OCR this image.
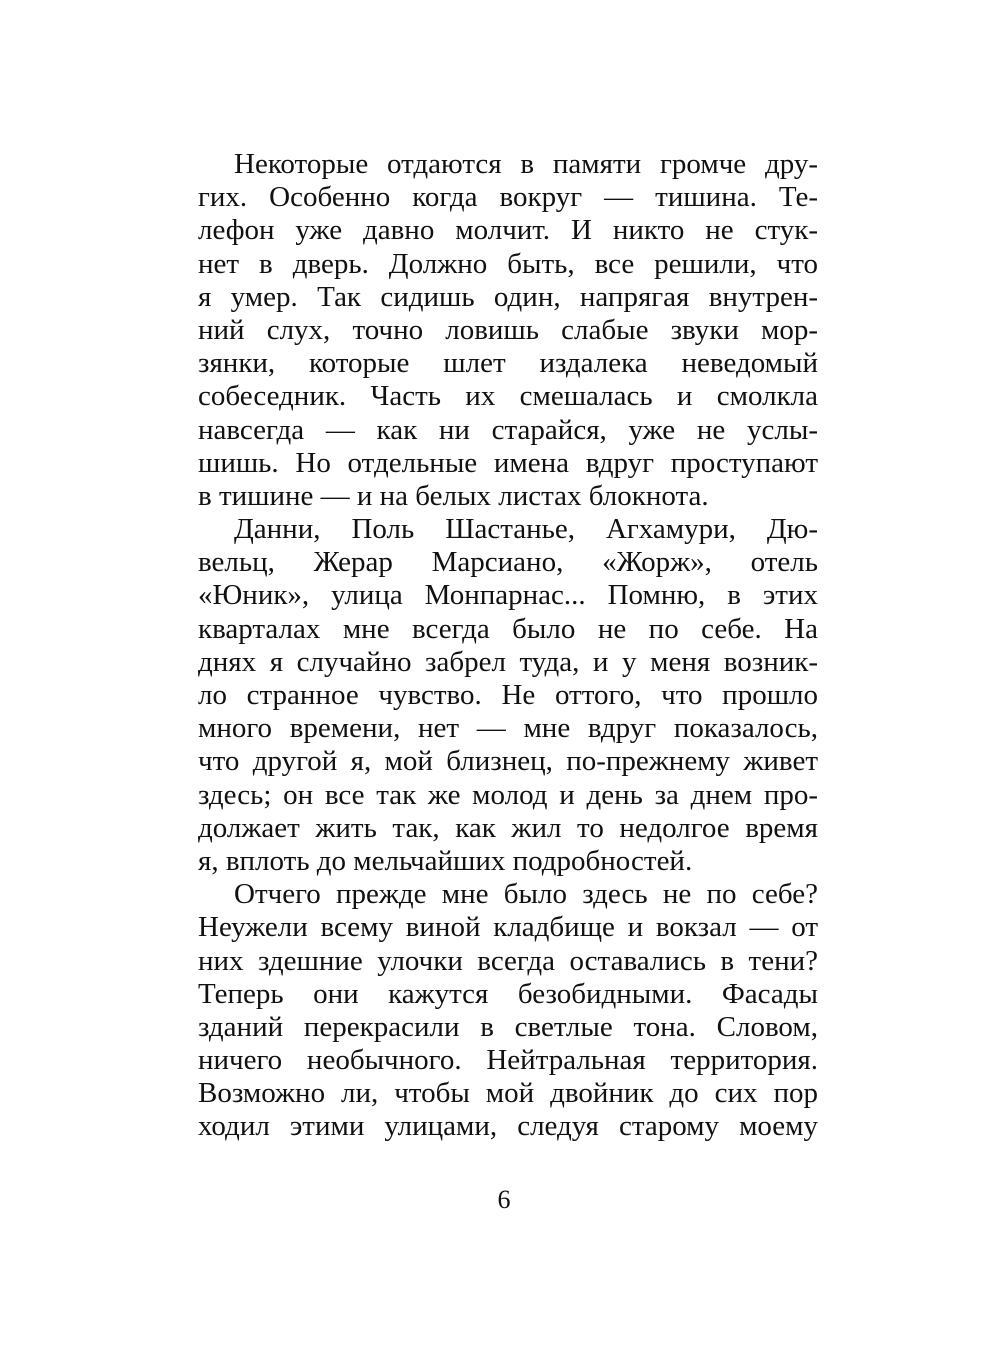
Некоторые отдаются в памяти громче дру-
гих. Особенно когда вокруг — тишина. Те-
лефон уже давно молчит. И никто не стук-
нет в дверь. Должно быть, все решили, что
я умер. Так сидишь один, напрягая внутрен-
ний слух, точно ловишь слабые звуки мор-
зянки, которые шлет издалека неведомый
собеседник. Часть их смешалась и смолкла
навсегда — как ни старайся, уже не услы-
шишь. Но отдельные имена вдруг проступают
в тишине — и на белых листах блокнота.

Данни, Поль Шастанье, Агхамури, Дю-
вельц, Жерар Марсиано, «Жорж», отель
«Юник», улица Монпарнас... Помню, в этих
кварталах мне всегда было не по себе. На
днях я случайно забрел туда, и у меня возник-
ло странное чувство. Не оттого, что прошло
много времени, нет — мне вдруг показалось,
что другой я, мой близнец, по-прежнему живет
здесь; он все так же молод и день за днем про-
должает жить так, как жил то недолгое время
я, вплоть до мельчайших подробностей.

Отчего прежде мне было здесь не по себе?
Неужели всему виной кладбище и вокзал — от
них здешние улочки всегда оставались в тени?
Теперь они кажутся безобидными. Фасады
зданий перекрасили в светлые тона. Словом,
ничего необычного. Нейтральная территория.
Возможно ли, чтобы мой двойник до сих пор
ходил этими улицами, следуя старому моему

6
